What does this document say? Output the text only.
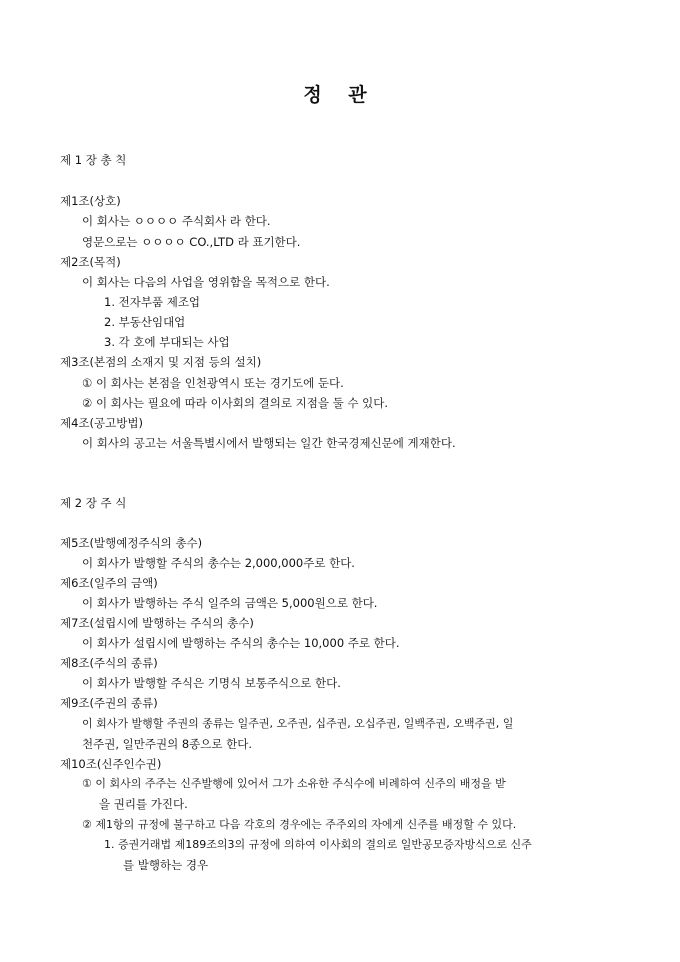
정 관
제 1 장 총 칙
제1조(상호)
이 회사는 ㅇㅇㅇㅇ 주식회사 라 한다.
영문으로는 ㅇㅇㅇㅇ CO.,LTD 라 표기한다.
제2조(목적)
이 회사는 다음의 사업을 영위함을 목적으로 한다.
1. 전자부품 제조업
2. 부동산임대업
3. 각 호에 부대되는 사업
제3조(본점의 소재지 및 지점 등의 설치)
① 이 회사는 본점을 인천광역시 또는 경기도에 둔다.
② 이 회사는 필요에 따라 이사회의 결의로 지점을 둘 수 있다.
제4조(공고방법)
이 회사의 공고는 서울특별시에서 발행되는 일간 한국경제신문에 게재한다.
제 2 장 주 식
제5조(발행예정주식의 총수)
이 회사가 발행할 주식의 총수는 2,000,000주로 한다.
제6조(일주의 금액)
이 회사가 발행하는 주식 일주의 금액은 5,000원으로 한다.
제7조(설립시에 발행하는 주식의 총수)
이 회사가 설립시에 발행하는 주식의 총수는 10,000 주로 한다.
제8조(주식의 종류)
이 회사가 발행할 주식은 기명식 보통주식으로 한다.
제9조(주권의 종류)
이 회사가 발행할 주권의 종류는 일주권, 오주권, 십주권, 오십주권, 일백주권, 오백주권, 일
천주권, 일만주권의 8종으로 한다.
제10조(신주인수권)
① 이 회사의 주주는 신주발행에 있어서 그가 소유한 주식수에 비례하여 신주의 배정을 받
을 권리를 가진다.
② 제1항의 규정에 불구하고 다음 각호의 경우에는 주주외의 자에게 신주를 배정할 수 있다.
1. 증권거래법 제189조의3의 규정에 의하여 이사회의 결의로 일반공모증자방식으로 신주
를 발행하는 경우
